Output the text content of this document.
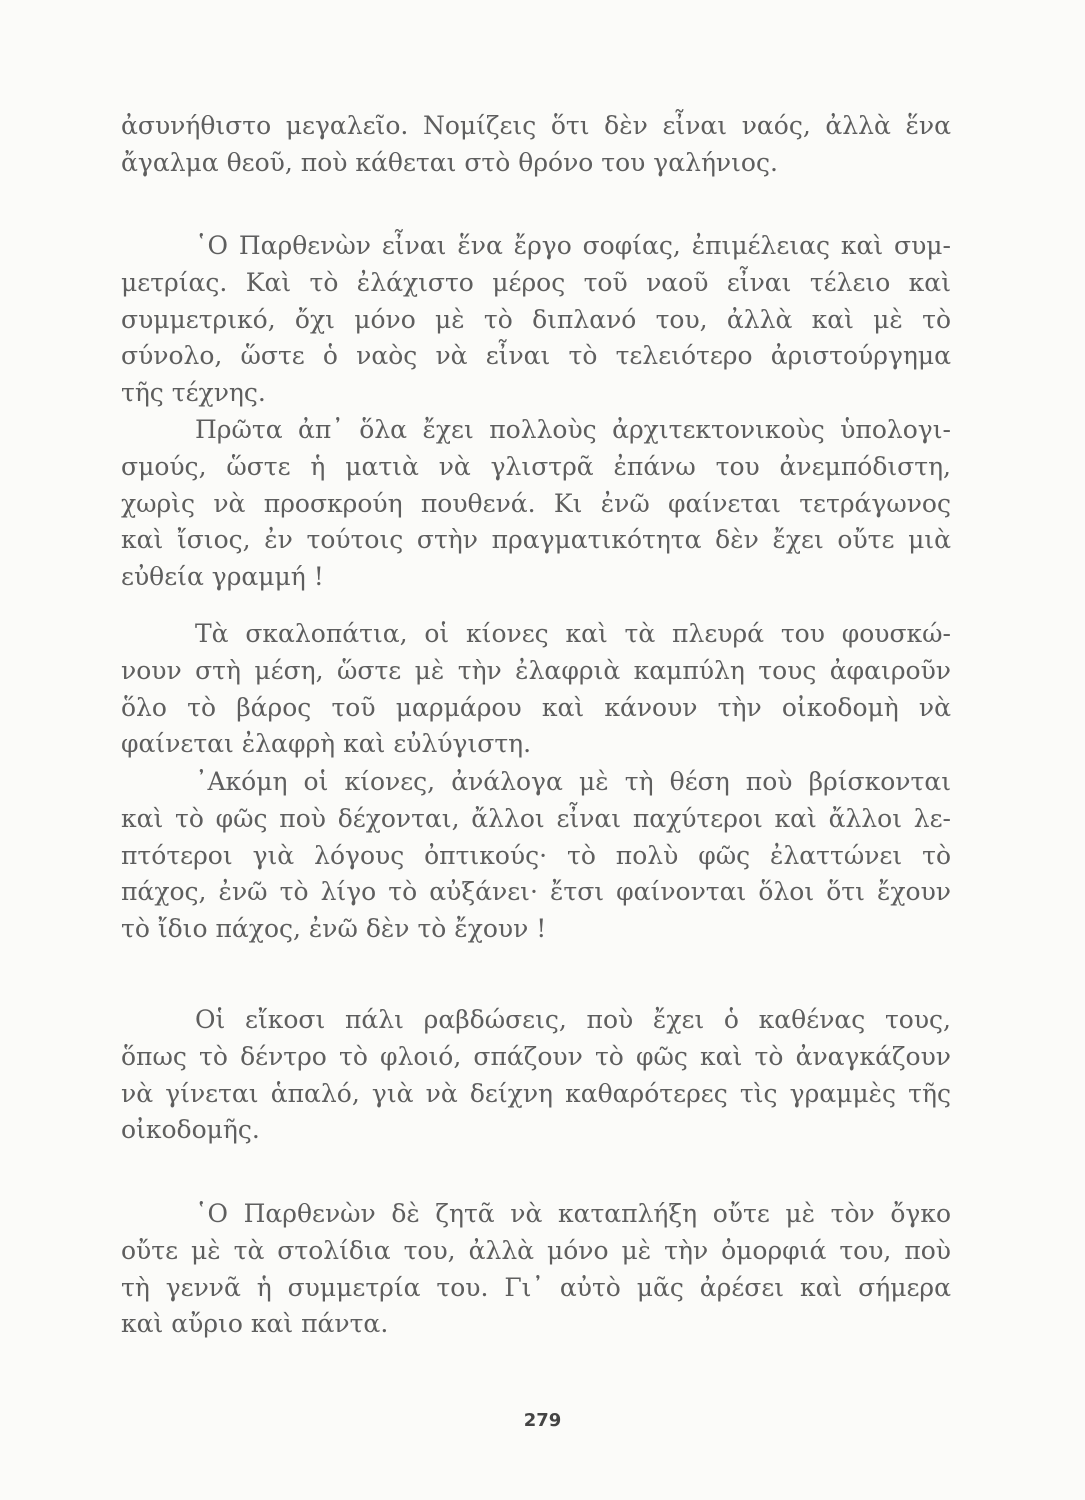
ἀσυνήθιστο μεγαλεῖο. Νομίζεις ὅτι δὲν εἶναι ναός, ἀλλὰ ἕνα
ἄγαλμα θεοῦ, ποὺ κάθεται στὸ θρόνο του γαλήνιος.
῾Ο Παρθενὼν εἶναι ἕνα ἔργο σοφίας, ἐπιμέλειας καὶ συμ-
μετρίας. Καὶ τὸ ἐλάχιστο μέρος τοῦ ναοῦ εἶναι τέλειο καὶ
συμμετρικό, ὄχι μόνο μὲ τὸ διπλανό του, ἀλλὰ καὶ μὲ τὸ
σύνολο, ὥστε ὁ ναὸς νὰ εἶναι τὸ τελειότερο ἀριστούργημα
τῆς τέχνης.
Πρῶτα ἀπ᾽ ὅλα ἔχει πολλοὺς ἀρχιτεκτονικοὺς ὑπολογι-
σμούς, ὥστε ἡ ματιὰ νὰ γλιστρᾶ ἐπάνω του ἀνεμπόδιστη,
χωρὶς νὰ προσκρούη πουθενά. Κι ἐνῶ φαίνεται τετράγωνος
καὶ ἴσιος, ἐν τούτοις στὴν πραγματικότητα δὲν ἔχει οὔτε μιὰ
εὐθεία γραμμή !
Τὰ σκαλοπάτια, οἱ κίονες καὶ τὰ πλευρά του φουσκώ-
νουν στὴ μέση, ὥστε μὲ τὴν ἐλαφριὰ καμπύλη τους ἀφαιροῦν
ὅλο τὸ βάρος τοῦ μαρμάρου καὶ κάνουν τὴν οἰκοδομὴ νὰ
φαίνεται ἐλαφρὴ καὶ εὐλύγιστη.
᾿Ακόμη οἱ κίονες, ἀνάλογα μὲ τὴ θέση ποὺ βρίσκονται
καὶ τὸ φῶς ποὺ δέχονται, ἄλλοι εἶναι παχύτεροι καὶ ἄλλοι λε-
πτότεροι γιὰ λόγους ὀπτικούς· τὸ πολὺ φῶς ἐλαττώνει τὸ
πάχος, ἐνῶ τὸ λίγο τὸ αὐξάνει· ἔτσι φαίνονται ὅλοι ὅτι ἔχουν
τὸ ἴδιο πάχος, ἐνῶ δὲν τὸ ἔχουν !
Οἱ εἴκοσι πάλι ραβδώσεις, ποὺ ἔχει ὁ καθένας τους,
ὅπως τὸ δέντρο τὸ φλοιό, σπάζουν τὸ φῶς καὶ τὸ ἀναγκάζουν
νὰ γίνεται ἁπαλό, γιὰ νὰ δείχνη καθαρότερες τὶς γραμμὲς τῆς
οἰκοδομῆς.
῾Ο Παρθενὼν δὲ ζητᾶ νὰ καταπλήξη οὔτε μὲ τὸν ὄγκο
οὔτε μὲ τὰ στολίδια του, ἀλλὰ μόνο μὲ τὴν ὀμορφιά του, ποὺ
τὴ γεννᾶ ἡ συμμετρία του. Γι᾽ αὐτὸ μᾶς ἀρέσει καὶ σήμερα
καὶ αὔριο καὶ πάντα.
279
